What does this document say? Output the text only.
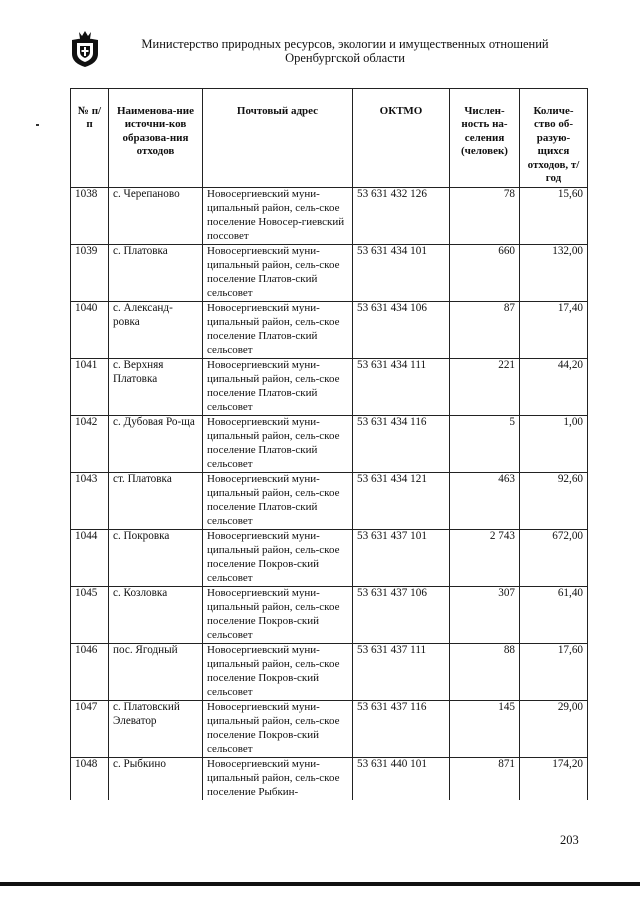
Министерство природных ресурсов, экологии и имущественных отношений
Оренбургской области
№ п/п	Наименова-ние источни-ков образова-ния отходов	Почтовый адрес	ОКТМО	Числен-ность на-селения (человек)	Количе-ство об-разую-щихся отходов, т/год
1038	с. Черепаново	Новосергиевский муни-ципальный район, сель-ское поселение Новосер-гиевский поссовет	53 631 432 126	78	15,60
1039	с. Платовка	Новосергиевский муни-ципальный район, сель-ское поселение Платов-ский сельсовет	53 631 434 101	660	132,00
1040	с. Александ-ровка	Новосергиевский муни-ципальный район, сель-ское поселение Платов-ский сельсовет	53 631 434 106	87	17,40
1041	с. Верхняя Платовка	Новосергиевский муни-ципальный район, сель-ское поселение Платов-ский сельсовет	53 631 434 111	221	44,20
1042	с. Дубовая Ро-ща	Новосергиевский муни-ципальный район, сель-ское поселение Платов-ский сельсовет	53 631 434 116	5	1,00
1043	ст. Платовка	Новосергиевский муни-ципальный район, сель-ское поселение Платов-ский сельсовет	53 631 434 121	463	92,60
1044	с. Покровка	Новосергиевский муни-ципальный район, сель-ское поселение Покров-ский сельсовет	53 631 437 101	2 743	672,00
1045	с. Козловка	Новосергиевский муни-ципальный район, сель-ское поселение Покров-ский сельсовет	53 631 437 106	307	61,40
1046	пос. Ягодный	Новосергиевский муни-ципальный район, сель-ское поселение Покров-ский сельсовет	53 631 437 111	88	17,60
1047	с. Платовский Элеватор	Новосергиевский муни-ципальный район, сель-ское поселение Покров-ский сельсовет	53 631 437 116	145	29,00
1048	с. Рыбкино	Новосергиевский муни-ципальный район, сель-ское поселение Рыбкин-	53 631 440 101	871	174,20
203
